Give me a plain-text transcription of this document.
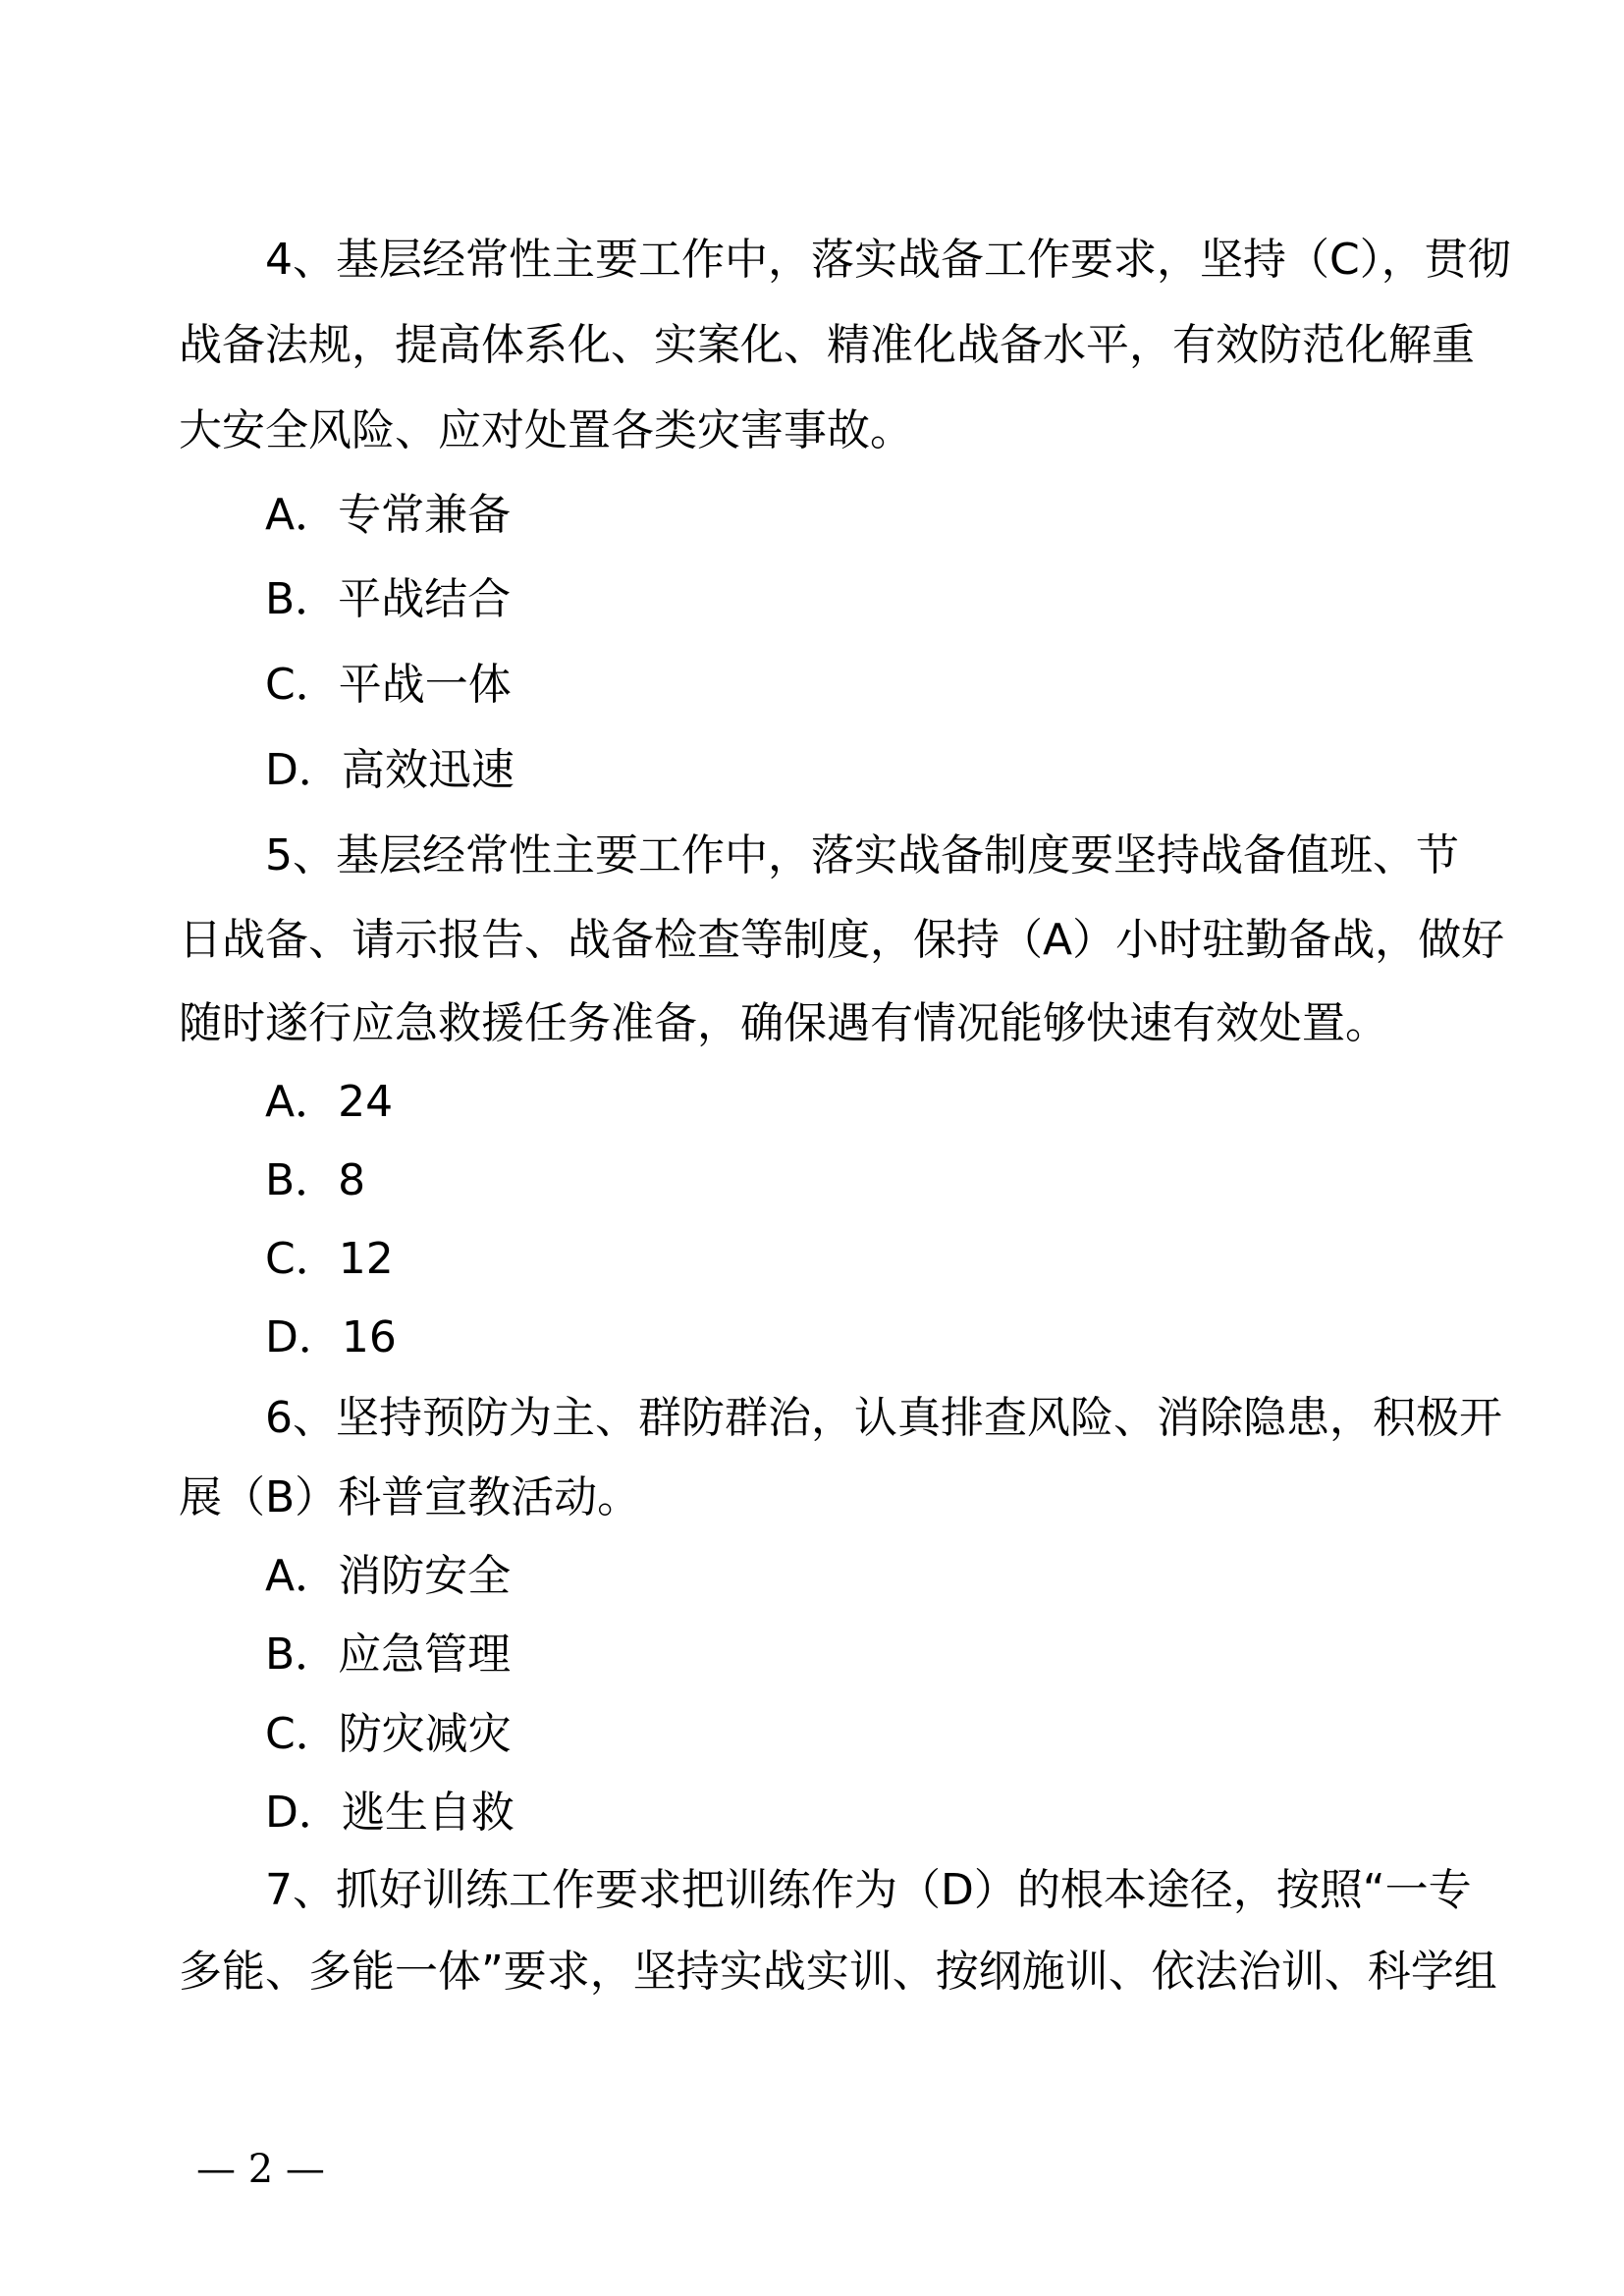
4、基层经常性主要工作中，落实战备工作要求，坚持（C），贯彻
战备法规，提高体系化、实案化、精准化战备水平，有效防范化解重
大安全风险、应对处置各类灾害事故。
A．专常兼备
B．平战结合
C．平战一体
D．高效迅速
5、基层经常性主要工作中，落实战备制度要坚持战备值班、节
日战备、请示报告、战备检查等制度，保持（A）小时驻勤备战，做好
随时遂行应急救援任务准备，确保遇有情况能够快速有效处置。
A．24
B．8
C．12
D．16
6、坚持预防为主、群防群治，认真排查风险、消除隐患，积极开
展（B）科普宣教活动。
A．消防安全
B．应急管理
C．防灾减灾
D．逃生自救
7、抓好训练工作要求把训练作为（D）的根本途径，按照“一专
多能、多能一体”要求，坚持实战实训、按纲施训、依法治训、科学组
— 2 —
